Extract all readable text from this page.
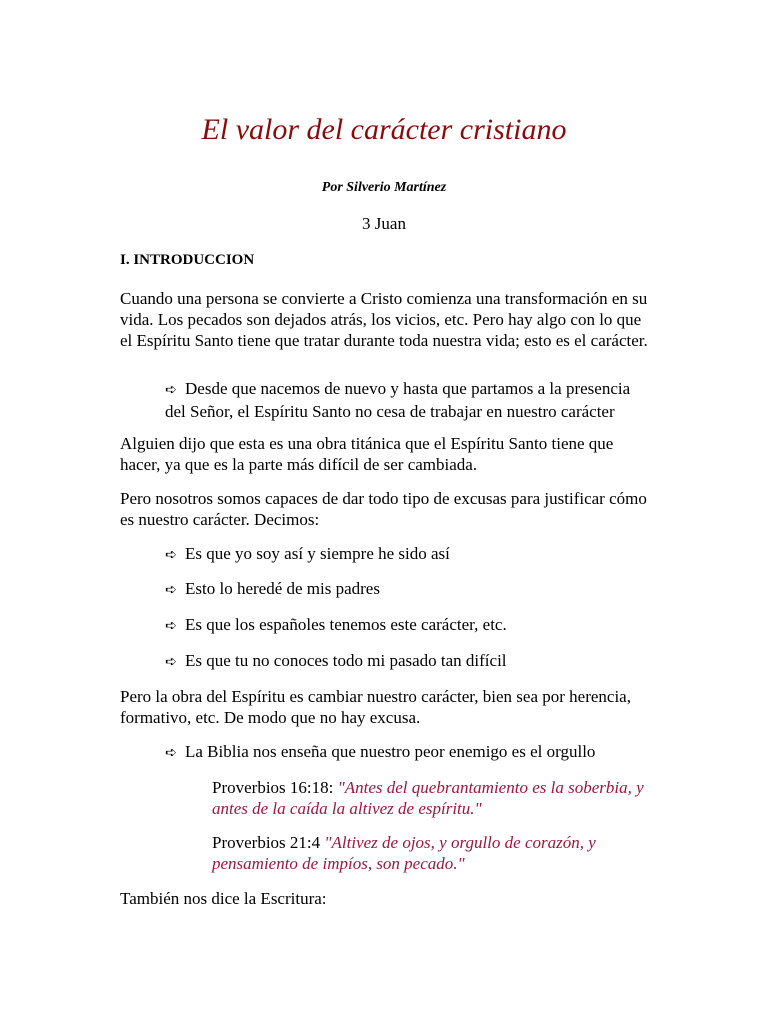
El valor del carácter cristiano
Por Silverio Martínez
3 Juan
I. INTRODUCCION

Cuando una persona se convierte a Cristo comienza una transformación en su vida. Los pecados son dejados atrás, los vicios, etc. Pero hay algo con lo que el Espíritu Santo tiene que tratar durante toda nuestra vida; esto es el carácter.

➪ Desde que nacemos de nuevo y hasta que partamos a la presencia del Señor, el Espíritu Santo no cesa de trabajar en nuestro carácter

Alguien dijo que esta es una obra titánica que el Espíritu Santo tiene que hacer, ya que es la parte más difícil de ser cambiada.

Pero nosotros somos capaces de dar todo tipo de excusas para justificar cómo es nuestro carácter. Decimos:

➪ Es que yo soy así y siempre he sido así

➪ Esto lo heredé de mis padres

➪ Es que los españoles tenemos este carácter, etc.

➪ Es que tu no conoces todo mi pasado tan difícil

Pero la obra del Espíritu es cambiar nuestro carácter, bien sea por herencia, formativo, etc. De modo que no hay excusa.

➪ La Biblia nos enseña que nuestro peor enemigo es el orgullo

Proverbios 16:18: "Antes del quebrantamiento es la soberbia, y antes de la caída la altivez de espíritu."

Proverbios 21:4 "Altivez de ojos, y orgullo de corazón, y pensamiento de impíos, son pecado."

También nos dice la Escritura:
